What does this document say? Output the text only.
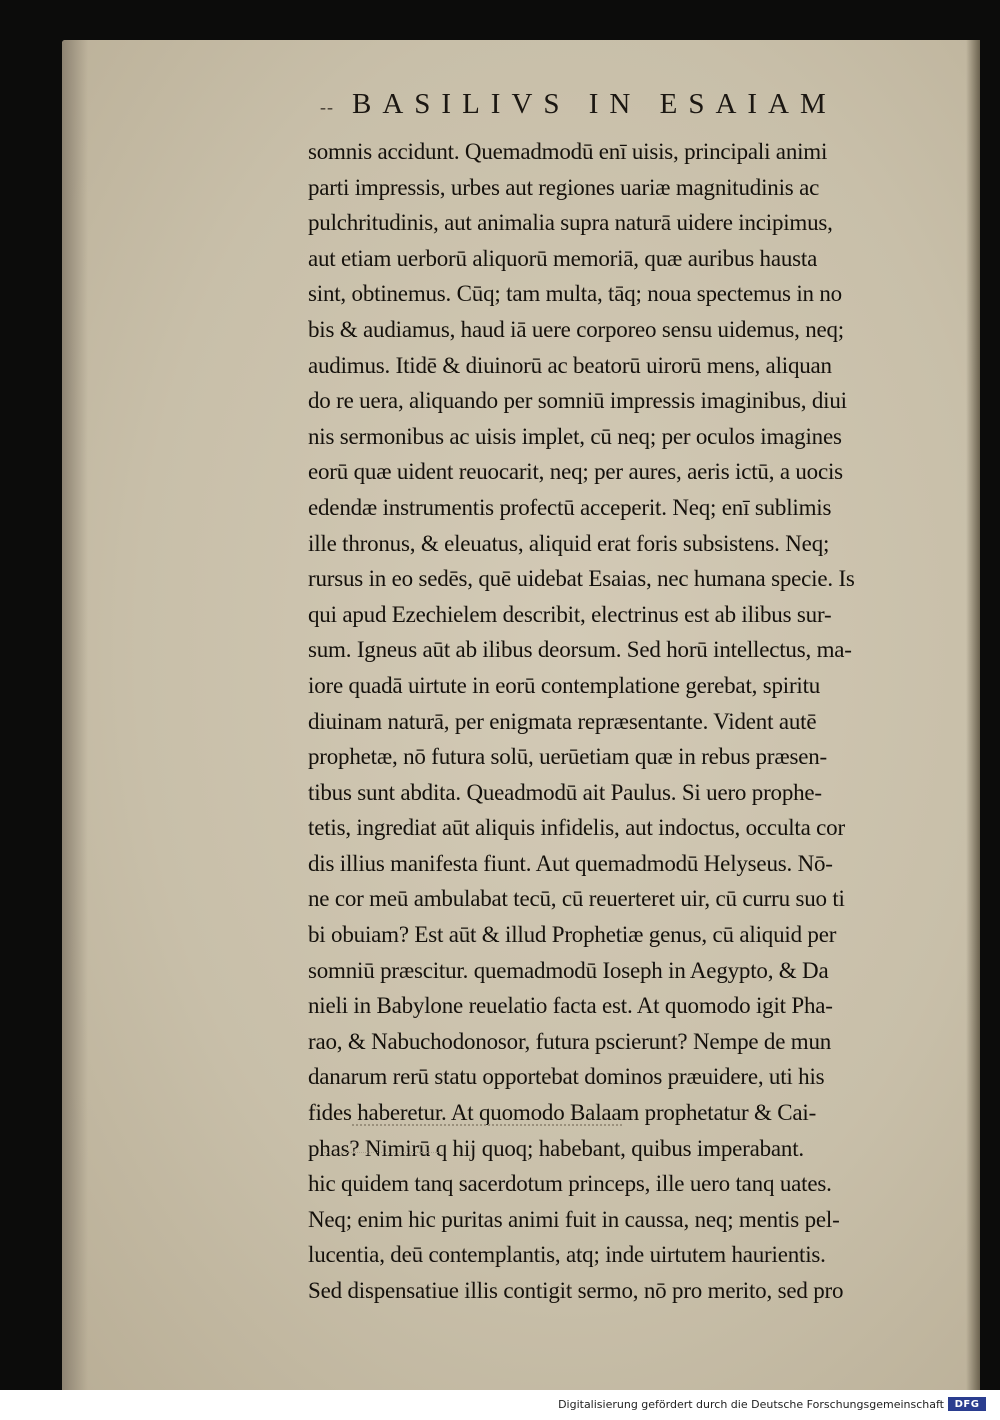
-- BASILIVS IN ESAIAM
somnis accidunt. Quemadmodū enī uisis, principali animi
parti impressis, urbes aut regiones uariæ magnitudinis ac
pulchritudinis, aut animalia supra naturā uidere incipimus,
aut etiam uerborū aliquorū memoriā, quæ auribus hausta
sint, obtinemus. Cūq; tam multa, tāq; noua spectemus in no
bis & audiamus, haud iā uere corporeo sensu uidemus, neq;
audimus. Itidē & diuinorū ac beatorū uirorū mens, aliquan
do re uera, aliquando per somniū impressis imaginibus, diui
nis sermonibus ac uisis implet, cū neq; per oculos imagines
eorū quæ uident reuocarit, neq; per aures, aeris ictū, a uocis
edendæ instrumentis profectū acceperit. Neq; enī sublimis
ille thronus, & eleuatus, aliquid erat foris subsistens. Neq;
rursus in eo sedēs, quē uidebat Esaias, nec humana specie. Is
qui apud Ezechielem describit, electrinus est ab ilibus sur-
sum. Igneus aūt ab ilibus deorsum. Sed horū intellectus, ma-
iore quadā uirtute in eorū contemplatione gerebat, spiritu
diuinam naturā, per enigmata repræsentante. Vident autē
prophetæ, nō futura solū, uerūetiam quæ in rebus præsen-
tibus sunt abdita. Queadmodū ait Paulus. Si uero prophe-
tetis, ingrediat aūt aliquis infidelis, aut indoctus, occulta cor
dis illius manifesta fiunt. Aut quemadmodū Helyseus. Nō-
ne cor meū ambulabat tecū, cū reuerteret uir, cū curru suo ti
bi obuiam? Est aūt & illud Prophetiæ genus, cū aliquid per
somniū præscitur. quemadmodū Ioseph in Aegypto, & Da
nieli in Babylone reuelatio facta est. At quomodo igit Pha-
rao, & Nabuchodonosor, futura pscierunt? Nempe de mun
danarum rerū statu opportebat dominos præuidere, uti his
fides haberetur. At quomodo Balaam prophetatur & Cai-
phas? Nimirū q hij quoq; habebant, quibus imperabant.
hic quidem tanq sacerdotum princeps, ille uero tanq uates.
Neq; enim hic puritas animi fuit in caussa, neq; mentis pel-
lucentia, deū contemplantis, atq; inde uirtutem haurientis.
Sed dispensatiue illis contigit sermo, nō pro merito, sed pro
Digitalisierung gefördert durch die Deutsche Forschungsgemeinschaft	DFG
